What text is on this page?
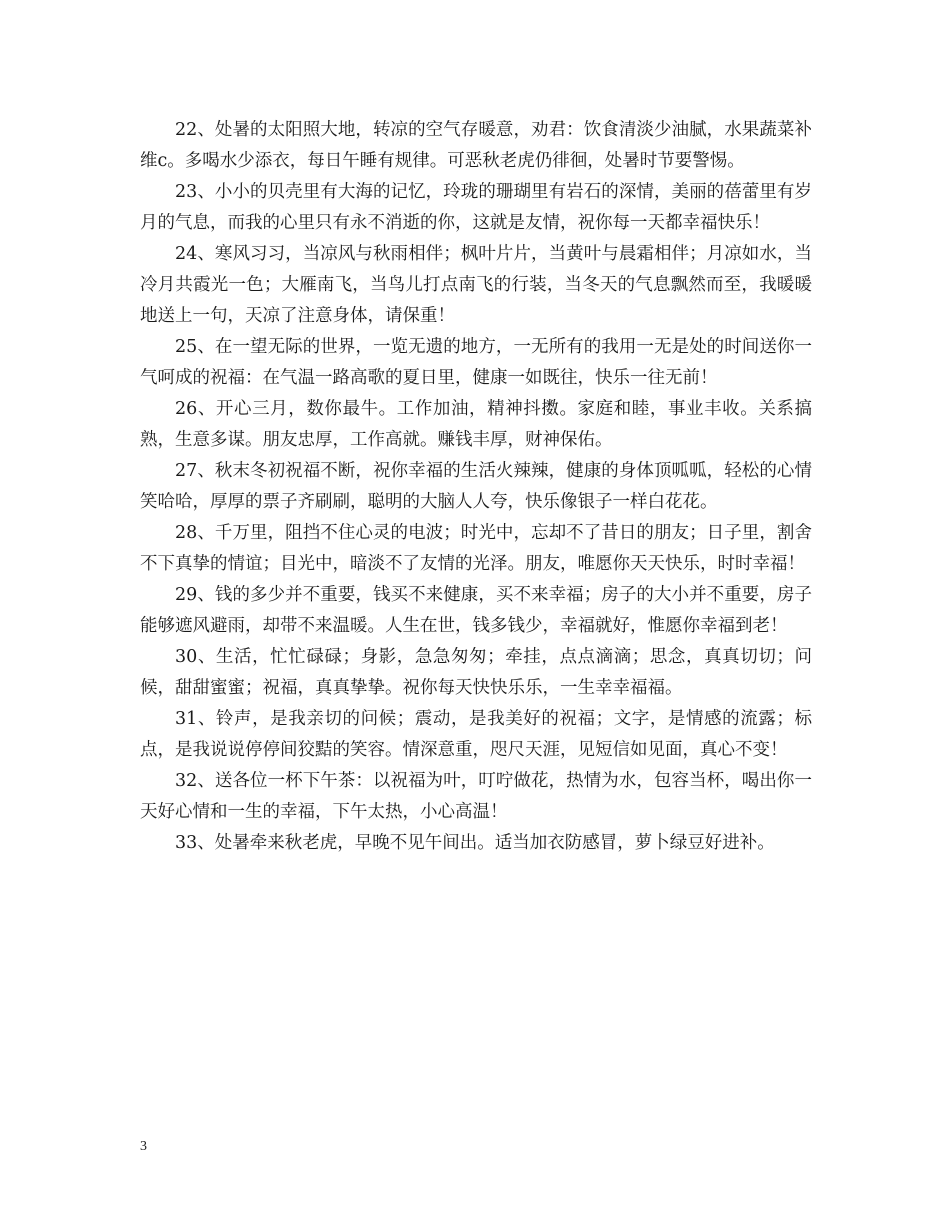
22、处暑的太阳照大地，转凉的空气存暖意，劝君：饮食清淡少油腻，水果蔬菜补维c。多喝水少添衣，每日午睡有规律。可恶秋老虎仍徘徊，处暑时节要警惕。

23、小小的贝壳里有大海的记忆，玲珑的珊瑚里有岩石的深情，美丽的蓓蕾里有岁月的气息，而我的心里只有永不消逝的你，这就是友情，祝你每一天都幸福快乐！

24、寒风习习，当凉风与秋雨相伴；枫叶片片，当黄叶与晨霜相伴；月凉如水，当冷月共霞光一色；大雁南飞，当鸟儿打点南飞的行装，当冬天的气息飘然而至，我暖暖地送上一句，天凉了注意身体，请保重！

25、在一望无际的世界，一览无遗的地方，一无所有的我用一无是处的时间送你一气呵成的祝福：在气温一路高歌的夏日里，健康一如既往，快乐一往无前！

26、开心三月，数你最牛。工作加油，精神抖擞。家庭和睦，事业丰收。关系搞熟，生意多谋。朋友忠厚，工作高就。赚钱丰厚，财神保佑。

27、秋末冬初祝福不断，祝你幸福的生活火辣辣，健康的身体顶呱呱，轻松的心情笑哈哈，厚厚的票子齐刷刷，聪明的大脑人人夸，快乐像银子一样白花花。

28、千万里，阻挡不住心灵的电波；时光中，忘却不了昔日的朋友；日子里，割舍不下真挚的情谊；目光中，暗淡不了友情的光泽。朋友，唯愿你天天快乐，时时幸福！

29、钱的多少并不重要，钱买不来健康，买不来幸福；房子的大小并不重要，房子能够遮风避雨，却带不来温暖。人生在世，钱多钱少，幸福就好，惟愿你幸福到老！

30、生活，忙忙碌碌；身影，急急匆匆；牵挂，点点滴滴；思念，真真切切；问候，甜甜蜜蜜；祝福，真真挚挚。祝你每天快快乐乐，一生幸幸福福。

31、铃声，是我亲切的问候；震动，是我美好的祝福；文字，是情感的流露；标点，是我说说停停间狡黠的笑容。情深意重，咫尺天涯，见短信如见面，真心不变！

32、送各位一杯下午茶：以祝福为叶，叮咛做花，热情为水，包容当杯，喝出你一天好心情和一生的幸福，下午太热，小心高温！

33、处暑牵来秋老虎，早晚不见午间出。适当加衣防感冒，萝卜绿豆好进补。

3
